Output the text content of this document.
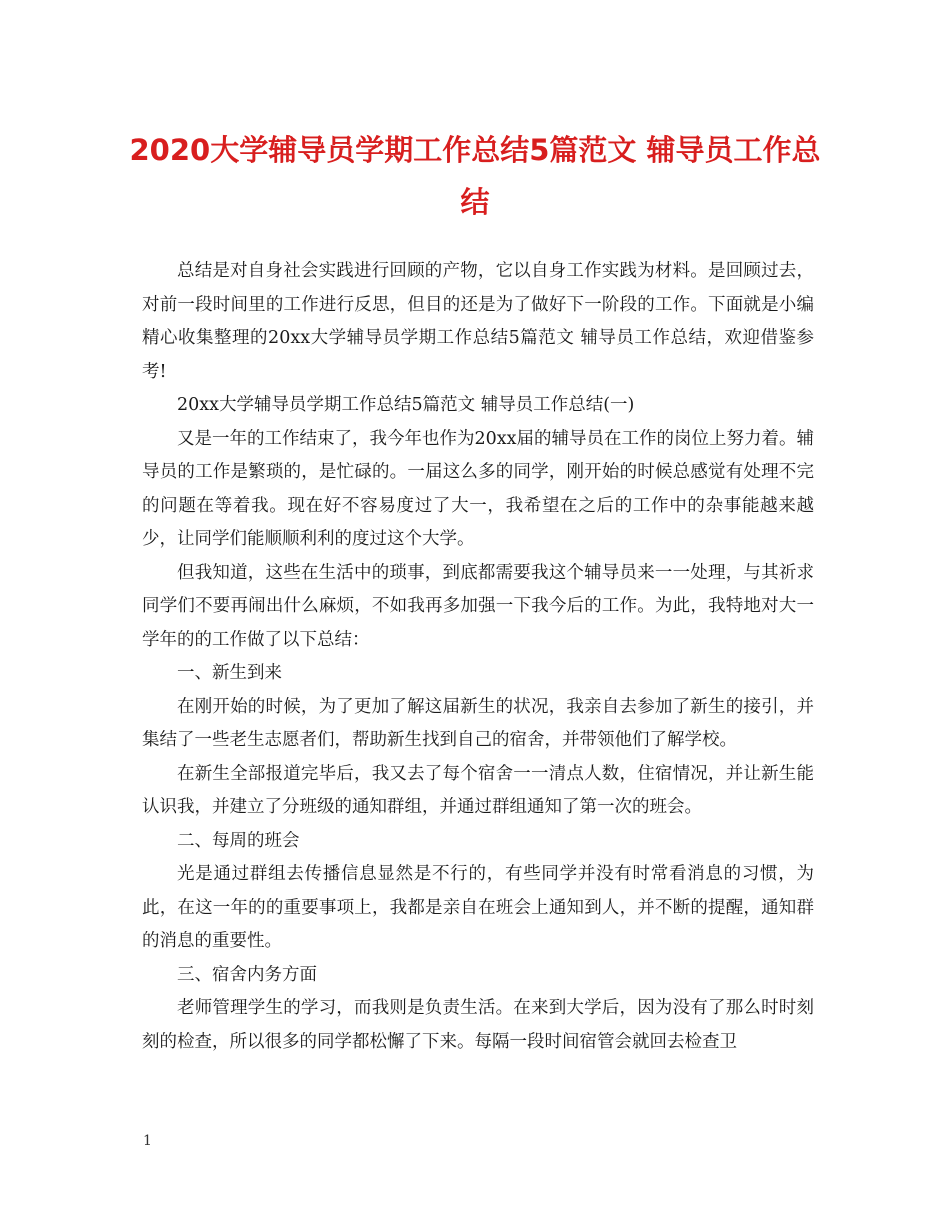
2020大学辅导员学期工作总结5篇范文 辅导员工作总结

总结是对自身社会实践进行回顾的产物，它以自身工作实践为材料。是回顾过去，对前一段时间里的工作进行反思，但目的还是为了做好下一阶段的工作。下面就是小编精心收集整理的20xx大学辅导员学期工作总结5篇范文 辅导员工作总结，欢迎借鉴参考!

20xx大学辅导员学期工作总结5篇范文 辅导员工作总结(一)

又是一年的工作结束了，我今年也作为20xx届的辅导员在工作的岗位上努力着。辅导员的工作是繁琐的，是忙碌的。一届这么多的同学，刚开始的时候总感觉有处理不完的问题在等着我。现在好不容易度过了大一，我希望在之后的工作中的杂事能越来越少，让同学们能顺顺利利的度过这个大学。

但我知道，这些在生活中的琐事，到底都需要我这个辅导员来一一处理，与其祈求同学们不要再闹出什么麻烦，不如我再多加强一下我今后的工作。为此，我特地对大一学年的的工作做了以下总结：

一、新生到来

在刚开始的时候，为了更加了解这届新生的状况，我亲自去参加了新生的接引，并集结了一些老生志愿者们，帮助新生找到自己的宿舍，并带领他们了解学校。

在新生全部报道完毕后，我又去了每个宿舍一一清点人数，住宿情况，并让新生能认识我，并建立了分班级的通知群组，并通过群组通知了第一次的班会。

二、每周的班会

光是通过群组去传播信息显然是不行的，有些同学并没有时常看消息的习惯，为此，在这一年的的重要事项上，我都是亲自在班会上通知到人，并不断的提醒，通知群的消息的重要性。

三、宿舍内务方面

老师管理学生的学习，而我则是负责生活。在来到大学后，因为没有了那么时时刻刻的检查，所以很多的同学都松懈了下来。每隔一段时间宿管会就回去检查卫

1
